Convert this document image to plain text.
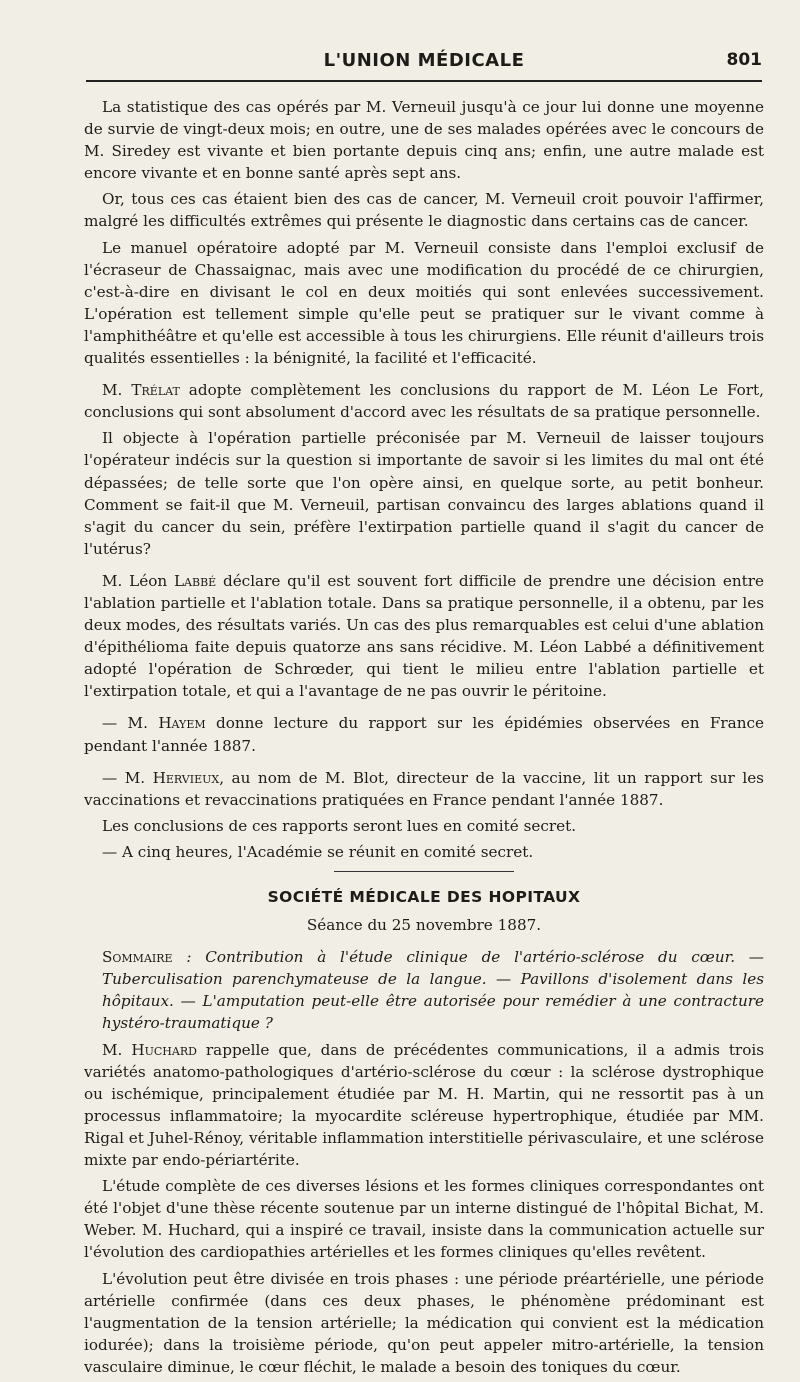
L'UNION MÉDICALE	801

La statistique des cas opérés par M. Verneuil jusqu'à ce jour lui donne une moyenne de survie de vingt-deux mois; en outre, une de ses malades opérées avec le concours de M. Siredey est vivante et bien portante depuis cinq ans; enfin, une autre malade est encore vivante et en bonne santé après sept ans.

Or, tous ces cas étaient bien des cas de cancer, M. Verneuil croit pouvoir l'affirmer, malgré les difficultés extrêmes qui présente le diagnostic dans certains cas de cancer.

Le manuel opératoire adopté par M. Verneuil consiste dans l'emploi exclusif de l'écraseur de Chassaignac, mais avec une modification du procédé de ce chirurgien, c'est-à-dire en divisant le col en deux moitiés qui sont enlevées successivement. L'opération est tellement simple qu'elle peut se pratiquer sur le vivant comme à l'amphithéâtre et qu'elle est accessible à tous les chirurgiens. Elle réunit d'ailleurs trois qualités essentielles : la bénignité, la facilité et l'efficacité.

M. Trélat adopte complètement les conclusions du rapport de M. Léon Le Fort, conclusions qui sont absolument d'accord avec les résultats de sa pratique personnelle.

Il objecte à l'opération partielle préconisée par M. Verneuil de laisser toujours l'opérateur indécis sur la question si importante de savoir si les limites du mal ont été dépassées; de telle sorte que l'on opère ainsi, en quelque sorte, au petit bonheur. Comment se fait-il que M. Verneuil, partisan convaincu des larges ablations quand il s'agit du cancer du sein, préfère l'extirpation partielle quand il s'agit du cancer de l'utérus?

M. Léon Labbé déclare qu'il est souvent fort difficile de prendre une décision entre l'ablation partielle et l'ablation totale. Dans sa pratique personnelle, il a obtenu, par les deux modes, des résultats variés. Un cas des plus remarquables est celui d'une ablation d'épithélioma faite depuis quatorze ans sans récidive. M. Léon Labbé a définitivement adopté l'opération de Schrœder, qui tient le milieu entre l'ablation partielle et l'extirpation totale, et qui a l'avantage de ne pas ouvrir le péritoine.

— M. Hayem donne lecture du rapport sur les épidémies observées en France pendant l'année 1887.

— M. Hervieux, au nom de M. Blot, directeur de la vaccine, lit un rapport sur les vaccinations et revaccinations pratiquées en France pendant l'année 1887.

Les conclusions de ces rapports seront lues en comité secret.

— A cinq heures, l'Académie se réunit en comité secret.

SOCIÉTÉ MÉDICALE DES HOPITAUX
Séance du 25 novembre 1887.

Sommaire : Contribution à l'étude clinique de l'artério-sclérose du cœur. — Tuberculisation parenchymateuse de la langue. — Pavillons d'isolement dans les hôpitaux. — L'amputation peut-elle être autorisée pour remédier à une contracture hystéro-traumatique ?

M. Huchard rappelle que, dans de précédentes communications, il a admis trois variétés anatomo-pathologiques d'artério-sclérose du cœur : la sclérose dystrophique ou ischémique, principalement étudiée par M. H. Martin, qui ne ressortit pas à un processus inflammatoire; la myocardite scléreuse hypertrophique, étudiée par MM. Rigal et Juhel-Rénoy, véritable inflammation interstitielle périvasculaire, et une sclérose mixte par endo-périartérite.

L'étude complète de ces diverses lésions et les formes cliniques correspondantes ont été l'objet d'une thèse récente soutenue par un interne distingué de l'hôpital Bichat, M. Weber. M. Huchard, qui a inspiré ce travail, insiste dans la communication actuelle sur l'évolution des cardiopathies artérielles et les formes cliniques qu'elles revêtent.

L'évolution peut être divisée en trois phases : une période préartérielle, une période artérielle confirmée (dans ces deux phases, le phénomène prédominant est l'augmentation de la tension artérielle; la médication qui convient est la médication iodurée); dans la troisième période, qu'on peut appeler mitro-artérielle, la tension vasculaire diminue, le cœur fléchit, le malade a besoin des toniques du cœur.
